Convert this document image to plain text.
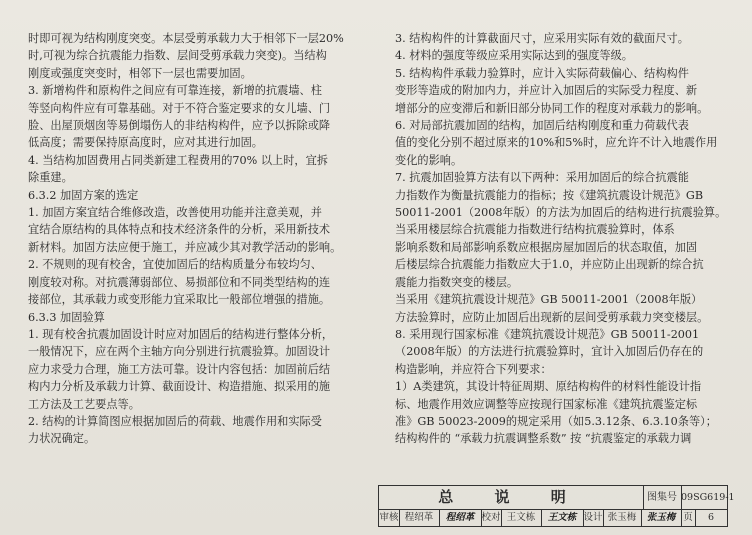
时即可视为结构刚度突变。本层受剪承载力大于相邻下一层20%

时,可视为综合抗震能力指数、层间受剪承载力突变)。当结构

刚度或强度突变时，相邻下一层也需要加固。

3. 新增构件和原构件之间应有可靠连接，新增的抗震墙、柱

等竖向构件应有可靠基础。对于不符合鉴定要求的女儿墙、门

脸、出屋顶烟囱等易倒塌伤人的非结构构件，应予以拆除或降

低高度；需要保持原高度时，应对其进行加固。

4. 当结构加固费用占同类新建工程费用的70% 以上时，宜拆

除重建。

6.3.2 加固方案的选定

1. 加固方案宜结合维修改造，改善使用功能并注意美观，并

宜结合原结构的具体特点和技术经济条件的分析，采用新技术

新材料。加固方法应便于施工，并应减少其对教学活动的影响。

2. 不规则的现有校舍，宜使加固后的结构质量分布较均匀、

刚度较对称。对抗震薄弱部位、易损部位和不同类型结构的连

接部位，其承载力或变形能力宜采取比一般部位增强的措施。

6.3.3 加固验算

1. 现有校舍抗震加固设计时应对加固后的结构进行整体分析，

一般情况下，应在两个主轴方向分别进行抗震验算。加固设计

应力求受力合理，施工方法可靠。设计内容包括：加固前后结

构内力分析及承载力计算、截面设计、构造措施、拟采用的施

工方法及工艺要点等。

2. 结构的计算简图应根据加固后的荷载、地震作用和实际受

力状况确定。

3. 结构构件的计算截面尺寸，应采用实际有效的截面尺寸。

4. 材料的强度等级应采用实际达到的强度等级。

5. 结构构件承载力验算时，应计入实际荷载偏心、结构构件

变形等造成的附加内力，并应计入加固后的实际受力程度、新

增部分的应变滞后和新旧部分协同工作的程度对承载力的影响。

6. 对局部抗震加固的结构，加固后结构刚度和重力荷载代表

值的变化分别不超过原来的10%和5%时，应允许不计入地震作用

变化的影响。

7. 抗震加固验算方法有以下两种：采用加固后的综合抗震能

力指数作为衡量抗震能力的指标；按《建筑抗震设计规范》GB

50011-2001（2008年版）的方法为加固后的结构进行抗震验算。

当采用楼层综合抗震能力指数进行结构抗震验算时，体系

影响系数和局部影响系数应根据房屋加固后的状态取值，加固

后楼层综合抗震能力指数应大于1.0，并应防止出现新的综合抗

震能力指数突变的楼层。

当采用《建筑抗震设计规范》GB 50011-2001（2008年版）

方法验算时，应防止加固后出现新的层间受剪承载力突变楼层。

8. 采用现行国家标准《建筑抗震设计规范》GB 50011-2001

（2008年版）的方法进行抗震验算时，宜计入加固后仍存在的

构造影响，并应符合下列要求：

1）A类建筑，其设计特征周期、原结构构件的材料性能设计指

标、地震作用效应调整等应按现行国家标准《建筑抗震鉴定标

准》GB 50023-2009的规定采用（如5.3.12条、6.3.10条等）；

结构构件的 “承载力抗震调整系数” 按 “抗震鉴定的承载力调

总 说 明	图集号 09SG619-1
审核 程绍革	程绍革 校对 王文栋	王文栋 设计 张玉梅	张玉梅 页	6
